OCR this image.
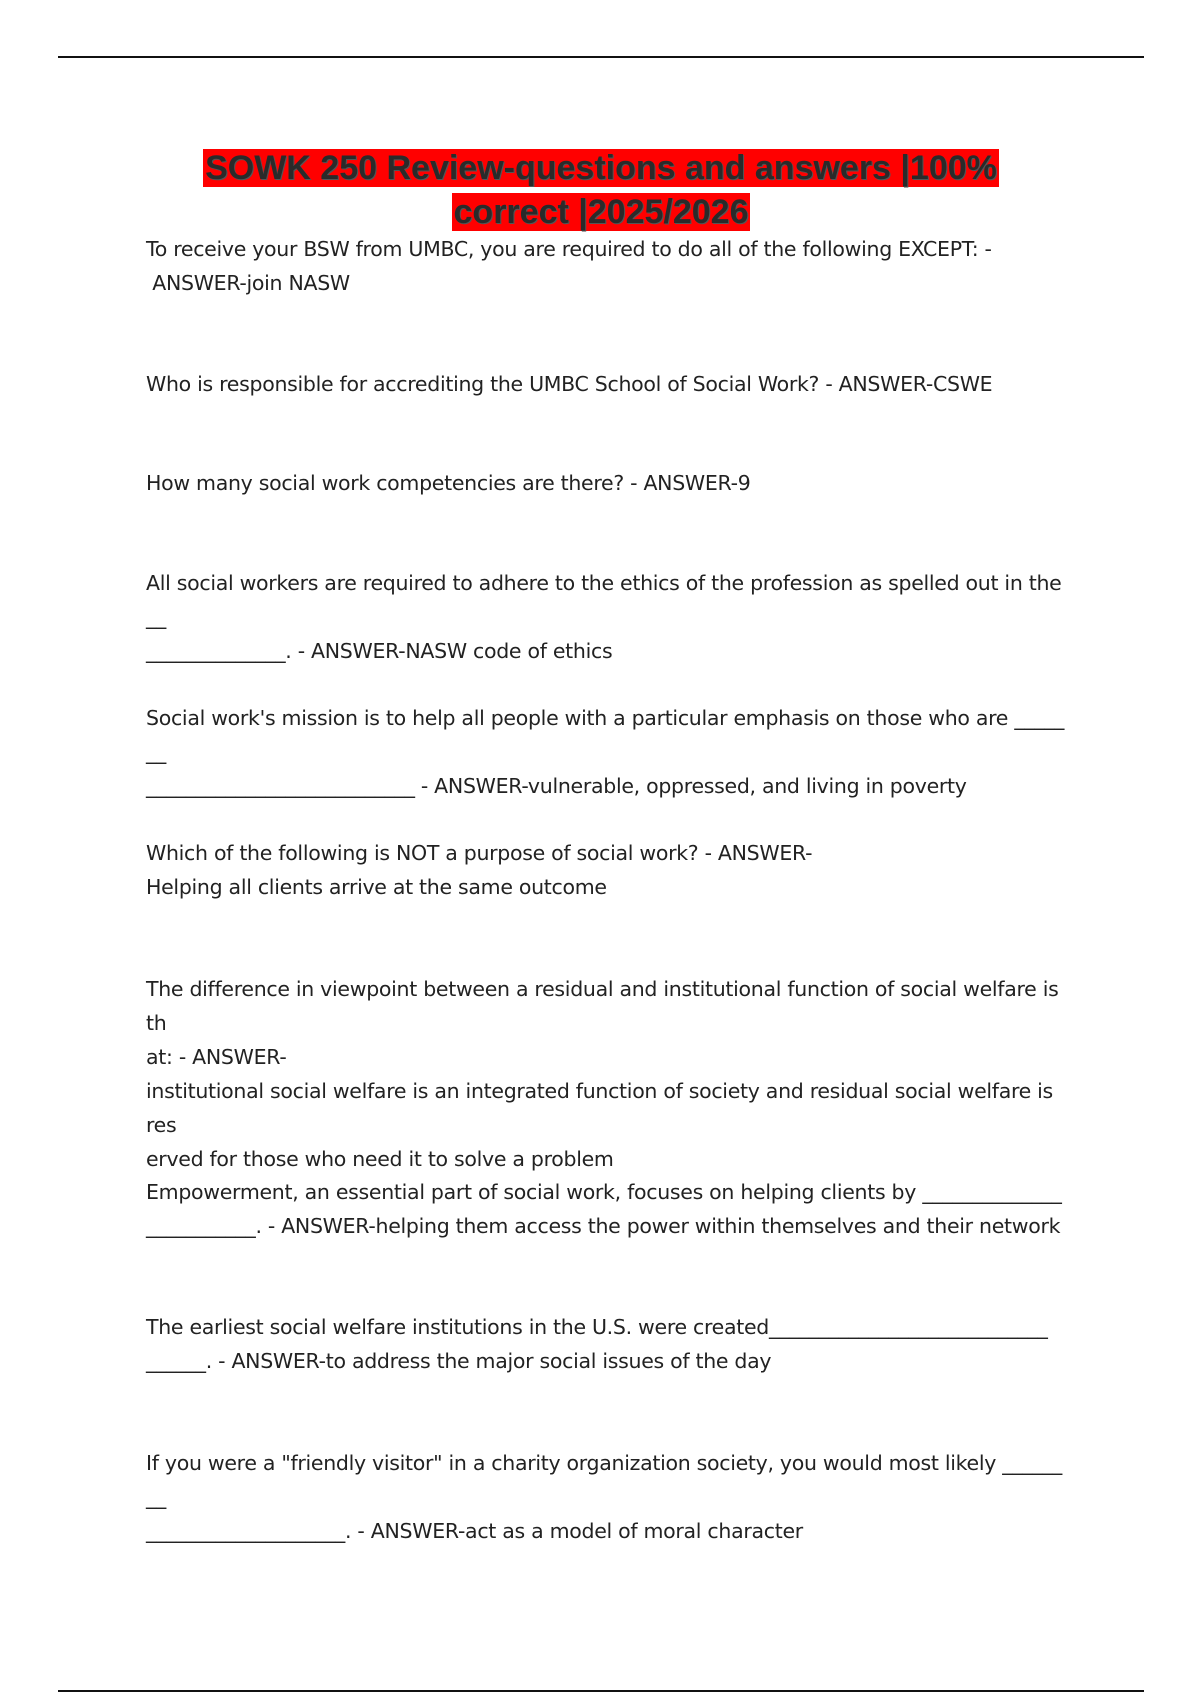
SOWK 250 Review-questions and answers |100%
correct |2025/2026

To receive your BSW from UMBC, you are required to do all of the following EXCEPT: -
ANSWER-join NASW

Who is responsible for accrediting the UMBC School of Social Work? - ANSWER-CSWE

How many social work competencies are there? - ANSWER-9

All social workers are required to adhere to the ethics of the profession as spelled out in the__
______________. - ANSWER-NASW code of ethics

Social work's mission is to help all people with a particular emphasis on those who are _______
___________________________ - ANSWER-vulnerable, oppressed, and living in poverty

Which of the following is NOT a purpose of social work? - ANSWER-
Helping all clients arrive at the same outcome

The difference in viewpoint between a residual and institutional function of social welfare is th
at: - ANSWER-
institutional social welfare is an integrated function of society and residual social welfare is res
erved for those who need it to solve a problem

Empowerment, an essential part of social work, focuses on helping clients by ______________
___________. - ANSWER-helping them access the power within themselves and their network

The earliest social welfare institutions in the U.S. were created____________________________
______. - ANSWER-to address the major social issues of the day

If you were a "friendly visitor" in a charity organization society, you would most likely ________
____________________. - ANSWER-act as a model of moral character
